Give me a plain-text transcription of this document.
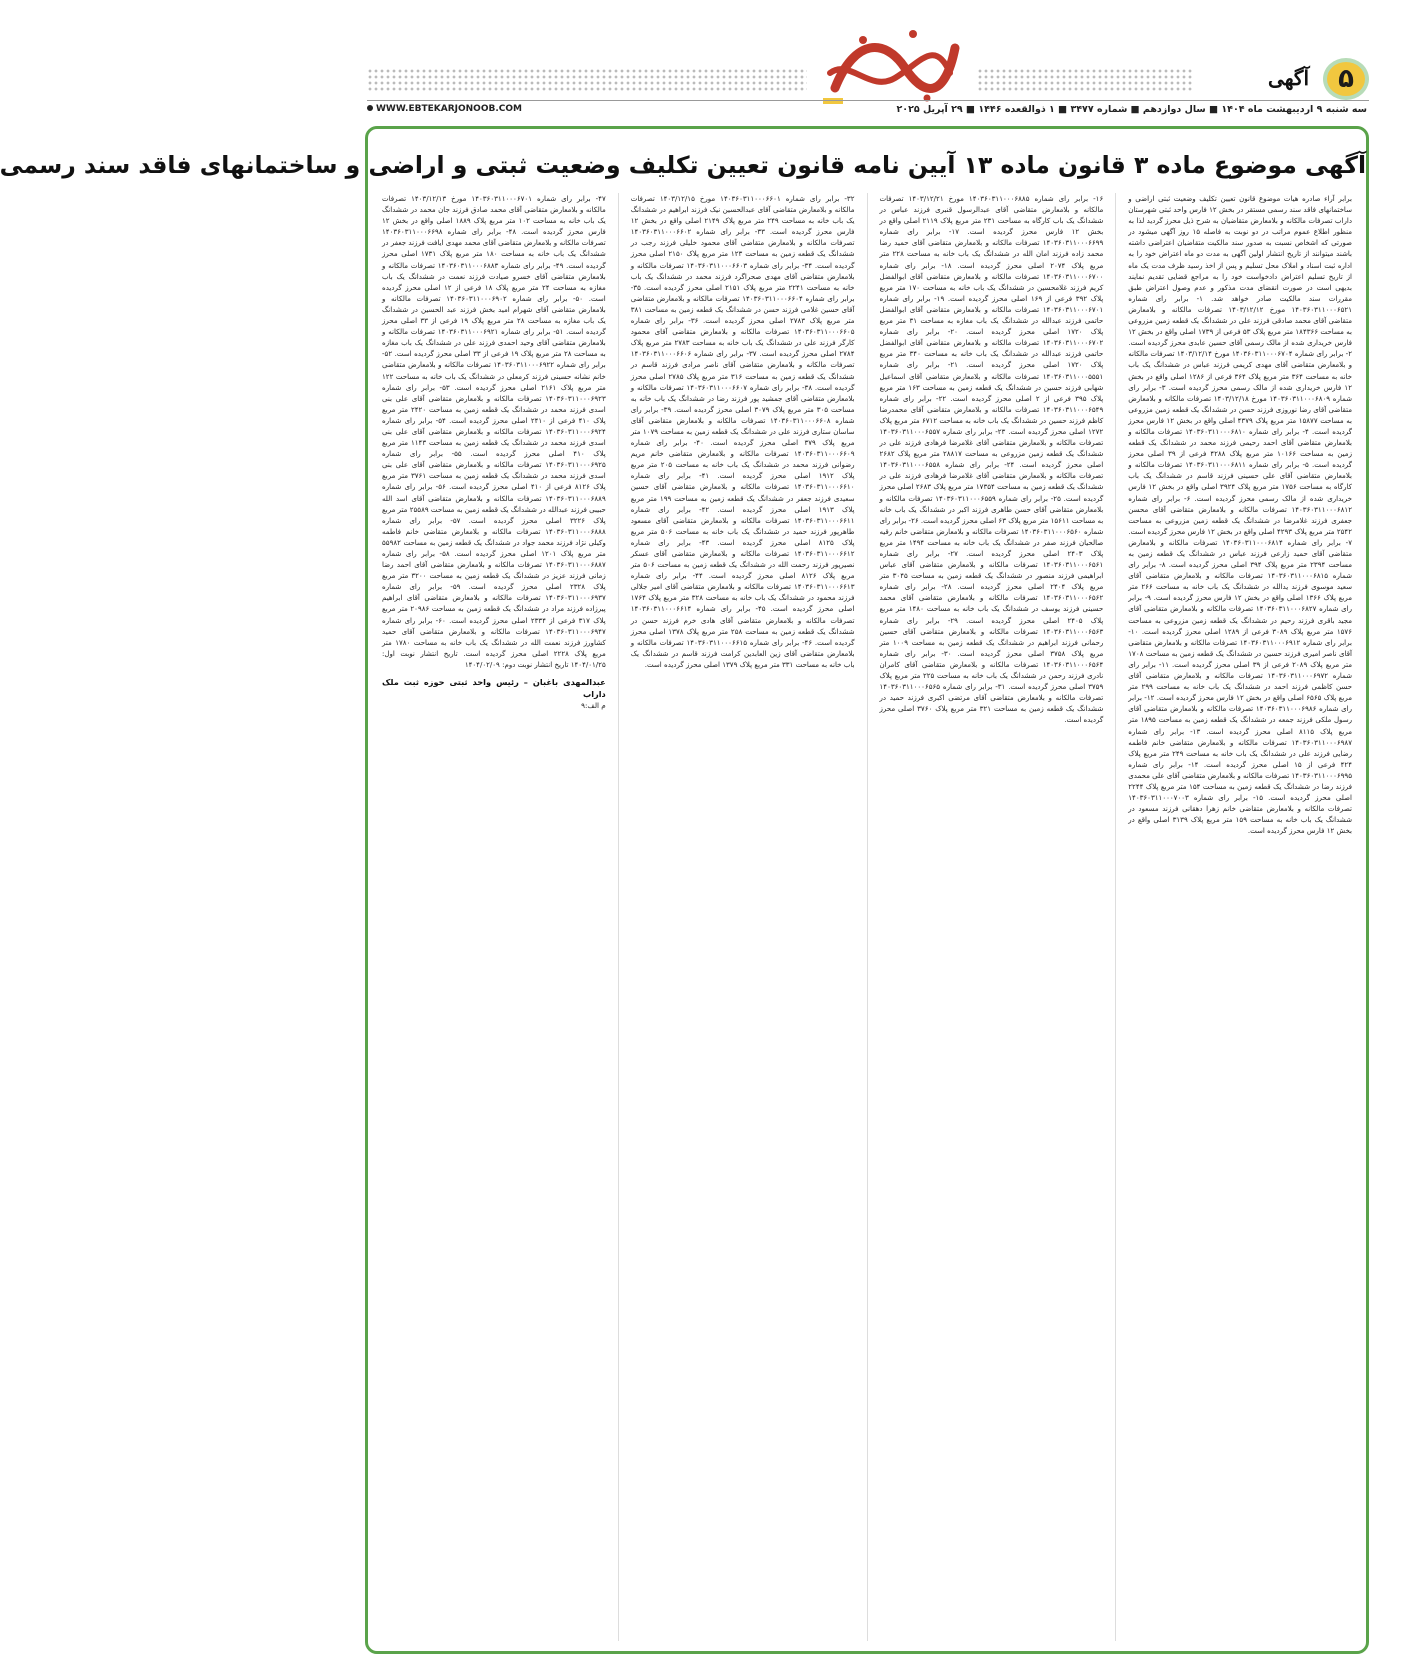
۵
آگهی
ابتکار جنوب سه شنبه ۹ اردیبهشت ماه ۱۴۰۴ ■ سال دوازدهم ■ شماره ۳۴۷۷ ■ ۱ ذوالقعده ۱۴۴۶ ■ ۲۹ آپریل ۲۰۲۵
WWW.EBTEKARJONOOB.COM
آگهی موضوع ماده ۳ قانون ماده ۱۳ آیین نامه قانون تعیین تکلیف وضعیت ثبتی و اراضی و ساختمانهای فاقد سند رسمی

برابر آراء صادره هیات موضوع قانون تعیین تکلیف وضعیت ثبتی اراضی و ساختمانهای فاقد سند رسمی مستقر در بخش ۱۲ فارس واحد ثبتی شهرستان داراب تصرفات مالکانه و بلامعارض متقاضیان به شرح ذیل محرز گردید لذا به منظور اطلاع عموم مراتب در دو نوبت به فاصله ۱۵ روز آگهی میشود در صورتی که اشخاص نسبت به صدور سند مالکیت متقاضیان اعتراضی داشته باشند میتوانند از تاریخ انتشار اولین آگهی به مدت دو ماه اعتراض خود را به اداره ثبت اسناد و املاک محل تسلیم و پس از اخذ رسید ظرف مدت یک ماه از تاریخ تسلیم اعتراض دادخواست خود را به مراجع قضایی تقدیم نمایند بدیهی است در صورت انقضای مدت مذکور و عدم وصول اعتراض طبق مقررات سند مالکیت صادر خواهد شد. ۱- برابر رای شماره ۱۴۰۳۶۰۳۱۱۰۰۰۶۵۲۱ مورخ ۱۴۰۳/۱۲/۱۲ تصرفات مالکانه و بلامعارض متقاضی آقای محمد صادقی فرزند علی در ششدانگ یک قطعه زمین مزروعی به مساحت ۱۸۴۳۶۶ متر مربع پلاک ۵۳ فرعی از ۱۷۳۹ اصلی واقع در بخش ۱۲ فارس خریداری شده از مالک رسمی آقای حسین عابدی محرز گردیده است. ۲- برابر رای شماره ۱۴۰۳۶۰۳۱۱۰۰۰۶۷۰۴ مورخ ۱۴۰۳/۱۲/۱۴ تصرفات مالکانه و بلامعارض متقاضی آقای مهدی کریمی فرزند عباس در ششدانگ یک باب خانه به مساحت ۳۶۴ متر مربع پلاک ۳۶۴ فرعی از ۱۲۸۶ اصلی واقع در بخش ۱۲ فارس خریداری شده از مالک رسمی محرز گردیده است. ۳- برابر رای شماره ۱۴۰۳۶۰۳۱۱۰۰۰۶۸۰۹ مورخ ۱۴۰۳/۱۲/۱۸ تصرفات مالکانه و بلامعارض متقاضی آقای رضا نوروزی فرزند حسن در ششدانگ یک قطعه زمین مزروعی به مساحت ۱۵۸۷۷ متر مربع پلاک ۴۳۷۹ اصلی واقع در بخش ۱۲ فارس محرز گردیده است. ۴- برابر رای شماره ۱۴۰۳۶۰۳۱۱۰۰۰۶۸۱۰ تصرفات مالکانه و بلامعارض متقاضی آقای احمد رحیمی فرزند محمد در ششدانگ یک قطعه زمین به مساحت ۱۰۱۶۶ متر مربع پلاک ۴۲۸۸ فرعی از ۳۹ اصلی محرز گردیده است. ۵- برابر رای شماره ۱۴۰۳۶۰۳۱۱۰۰۰۶۸۱۱ تصرفات مالکانه و بلامعارض متقاضی آقای علی حسینی فرزند قاسم در ششدانگ یک باب کارگاه به مساحت ۱۷۵۶ متر مربع پلاک ۳۹۲۴ اصلی واقع در بخش ۱۲ فارس خریداری شده از مالک رسمی محرز گردیده است. ۶- برابر رای شماره ۱۴۰۳۶۰۳۱۱۰۰۰۶۸۱۲ تصرفات مالکانه و بلامعارض متقاضی آقای محسن جعفری فرزند غلامرضا در ششدانگ یک قطعه زمین مزروعی به مساحت ۲۵۴۲ متر مربع پلاک ۴۲۹۳ اصلی واقع در بخش ۱۲ فارس محرز گردیده است. ۷- برابر رای شماره ۱۴۰۳۶۰۳۱۱۰۰۰۶۸۱۴ تصرفات مالکانه و بلامعارض متقاضی آقای حمید زارعی فرزند عباس در ششدانگ یک قطعه زمین به مساحت ۲۳۹۴ متر مربع پلاک ۳۹۴ اصلی محرز گردیده است. ۸- برابر رای شماره ۱۴۰۳۶۰۳۱۱۰۰۰۶۸۱۵ تصرفات مالکانه و بلامعارض متقاضی آقای سعید موسوی فرزند یدالله در ششدانگ یک باب خانه به مساحت ۲۶۶ متر مربع پلاک ۱۳۶۶ اصلی واقع در بخش ۱۲ فارس محرز گردیده است. ۹- برابر رای شماره ۱۴۰۳۶۰۳۱۱۰۰۰۶۸۲۷ تصرفات مالکانه و بلامعارض متقاضی آقای مجید باقری فرزند رحیم در ششدانگ یک قطعه زمین مزروعی به مساحت ۱۵۷۶ متر مربع پلاک ۳۰۸۹ فرعی از ۱۲۸۹ اصلی محرز گردیده است. ۱۰- برابر رای شماره ۱۴۰۳۶۰۳۱۱۰۰۰۶۹۱۲ تصرفات مالکانه و بلامعارض متقاضی آقای ناصر امیری فرزند حسین در ششدانگ یک قطعه زمین به مساحت ۱۷۰۸ متر مربع پلاک ۲۰۸۹ فرعی از ۳۹ اصلی محرز گردیده است. ۱۱- برابر رای شماره ۱۴۰۳۶۰۳۱۱۰۰۰۶۹۷۲ تصرفات مالکانه و بلامعارض متقاضی آقای حسن کاظمی فرزند احمد در ششدانگ یک باب خانه به مساحت ۲۹۹ متر مربع پلاک ۶۵۶۵ اصلی واقع در بخش ۱۲ فارس محرز گردیده است. ۱۲- برابر رای شماره ۱۴۰۳۶۰۳۱۱۰۰۰۶۹۸۶ تصرفات مالکانه و بلامعارض متقاضی آقای رسول ملکی فرزند جمعه در ششدانگ یک قطعه زمین به مساحت ۱۸۹۵ متر مربع پلاک ۸۱۱۵ اصلی محرز گردیده است. ۱۳- برابر رای شماره ۱۴۰۳۶۰۳۱۱۰۰۰۶۹۸۷ تصرفات مالکانه و بلامعارض متقاضی خانم فاطمه رضایی فرزند علی در ششدانگ یک باب خانه به مساحت ۲۴۹ متر مربع پلاک ۴۲۴ فرعی از ۱۵ اصلی محرز گردیده است. ۱۴- برابر رای شماره ۱۴۰۳۶۰۳۱۱۰۰۰۶۹۹۵ تصرفات مالکانه و بلامعارض متقاضی آقای علی محمدی فرزند رضا در ششدانگ یک قطعه زمین به مساحت ۱۵۴ متر مربع پلاک ۲۲۴۴ اصلی محرز گردیده است. ۱۵- برابر رای شماره ۱۴۰۳۶۰۳۱۱۰۰۰۷۰۰۳ تصرفات مالکانه و بلامعارض متقاضی خانم زهرا دهقانی فرزند مسعود در ششدانگ یک باب خانه به مساحت ۱۵۹ متر مربع پلاک ۳۱۳۹ اصلی واقع در بخش ۱۲ فارس محرز گردیده است.

۱۶- برابر رای شماره ۱۴۰۳۶۰۳۱۱۰۰۰۶۸۸۵ مورخ ۱۴۰۳/۱۲/۲۱ تصرفات مالکانه و بلامعارض متقاضی آقای عبدالرسول قنبری فرزند عباس در ششدانگ یک باب کارگاه به مساحت ۲۳۱ متر مربع پلاک ۲۱۱۹ اصلی واقع در بخش ۱۲ فارس محرز گردیده است. ۱۷- برابر رای شماره ۱۴۰۳۶۰۳۱۱۰۰۰۶۶۹۹ تصرفات مالکانه و بلامعارض متقاضی آقای حمید رضا محمد زاده فرزند امان الله در ششدانگ یک باب خانه به مساحت ۲۲۸ متر مربع پلاک ۲۰۷۴ اصلی محرز گردیده است. ۱۸- برابر رای شماره ۱۴۰۳۶۰۳۱۱۰۰۰۶۷۰۰ تصرفات مالکانه و بلامعارض متقاضی آقای ابوالفضل کریم فرزند غلامحسین در ششدانگ یک باب خانه به مساحت ۱۷۰ متر مربع پلاک ۳۹۲ فرعی از ۱۶۹ اصلی محرز گردیده است. ۱۹- برابر رای شماره ۱۴۰۳۶۰۳۱۱۰۰۰۶۷۰۱ تصرفات مالکانه و بلامعارض متقاضی آقای ابوالفضل حاتمی فرزند عبدالله در ششدانگ یک باب مغازه به مساحت ۳۱ متر مربع پلاک ۱۷۲۰ اصلی محرز گردیده است. ۲۰- برابر رای شماره ۱۴۰۳۶۰۳۱۱۰۰۰۶۷۰۲ تصرفات مالکانه و بلامعارض متقاضی آقای ابوالفضل حاتمی فرزند عبدالله در ششدانگ یک باب خانه به مساحت ۳۴۰ متر مربع پلاک ۱۷۲۰ اصلی محرز گردیده است. ۲۱- برابر رای شماره ۱۴۰۳۶۰۳۱۱۰۰۰۵۵۵۱ تصرفات مالکانه و بلامعارض متقاضی آقای اسماعیل شهابی فرزند حسین در ششدانگ یک قطعه زمین به مساحت ۱۶۳ متر مربع پلاک ۳۹۵ فرعی از ۲ اصلی محرز گردیده است. ۲۲- برابر رای شماره ۱۴۰۳۶۰۳۱۱۰۰۰۶۵۴۹ تصرفات مالکانه و بلامعارض متقاضی آقای محمدرضا کاظم فرزند حسین در ششدانگ یک باب خانه به مساحت ۶۷۱۲ متر مربع پلاک ۱۲۷۲ اصلی محرز گردیده است. ۲۳- برابر رای شماره ۱۴۰۳۶۰۳۱۱۰۰۰۶۵۵۷ تصرفات مالکانه و بلامعارض متقاضی آقای غلامرضا فرهادی فرزند علی در ششدانگ یک قطعه زمین مزروعی به مساحت ۲۸۸۱۷ متر مربع پلاک ۲۶۸۲ اصلی محرز گردیده است. ۲۴- برابر رای شماره ۱۴۰۳۶۰۳۱۱۰۰۰۶۵۵۸ تصرفات مالکانه و بلامعارض متقاضی آقای غلامرضا فرهادی فرزند علی در ششدانگ یک قطعه زمین به مساحت ۱۷۳۵۴ متر مربع پلاک ۲۶۸۳ اصلی محرز گردیده است. ۲۵- برابر رای شماره ۱۴۰۳۶۰۳۱۱۰۰۰۶۵۵۹ تصرفات مالکانه و بلامعارض متقاضی آقای حسن طاهری فرزند اکبر در ششدانگ یک باب خانه به مساحت ۱۵۶۱۱ متر مربع پلاک ۶۳ اصلی محرز گردیده است. ۲۶- برابر رای شماره ۱۴۰۳۶۰۳۱۱۰۰۰۶۵۶۰ تصرفات مالکانه و بلامعارض متقاضی خانم رقیه صالحیان فرزند صفر در ششدانگ یک باب خانه به مساحت ۱۴۹۴ متر مربع پلاک ۲۴۰۳ اصلی محرز گردیده است. ۲۷- برابر رای شماره ۱۴۰۳۶۰۳۱۱۰۰۰۶۵۶۱ تصرفات مالکانه و بلامعارض متقاضی آقای عباس ابراهیمی فرزند منصور در ششدانگ یک قطعه زمین به مساحت ۳۰۴۵ متر مربع پلاک ۲۴۰۴ اصلی محرز گردیده است. ۲۸- برابر رای شماره ۱۴۰۳۶۰۳۱۱۰۰۰۶۵۶۲ تصرفات مالکانه و بلامعارض متقاضی آقای محمد حسینی فرزند یوسف در ششدانگ یک باب خانه به مساحت ۱۴۸۰ متر مربع پلاک ۲۴۰۵ اصلی محرز گردیده است. ۲۹- برابر رای شماره ۱۴۰۳۶۰۳۱۱۰۰۰۶۵۶۳ تصرفات مالکانه و بلامعارض متقاضی آقای حسین رحمانی فرزند ابراهیم در ششدانگ یک قطعه زمین به مساحت ۱۰۰۹ متر مربع پلاک ۳۷۵۸ اصلی محرز گردیده است. ۳۰- برابر رای شماره ۱۴۰۳۶۰۳۱۱۰۰۰۶۵۶۴ تصرفات مالکانه و بلامعارض متقاضی آقای کامران نادری فرزند رحمن در ششدانگ یک باب خانه به مساحت ۲۲۵ متر مربع پلاک ۳۷۵۹ اصلی محرز گردیده است. ۳۱- برابر رای شماره ۱۴۰۳۶۰۳۱۱۰۰۰۶۵۶۵ تصرفات مالکانه و بلامعارض متقاضی آقای مرتضی اکبری فرزند حمید در ششدانگ یک قطعه زمین به مساحت ۳۲۱ متر مربع پلاک ۳۷۶۰ اصلی محرز گردیده است.

۳۲- برابر رای شماره ۱۴۰۳۶۰۳۱۱۰۰۰۶۶۰۱ مورخ ۱۴۰۳/۱۲/۱۵ تصرفات مالکانه و بلامعارض متقاضی آقای عبدالحسین نیک فرزند ابراهیم در ششدانگ یک باب خانه به مساحت ۲۴۹ متر مربع پلاک ۲۱۴۹ اصلی واقع در بخش ۱۲ فارس محرز گردیده است. ۳۳- برابر رای شماره ۱۴۰۳۶۰۳۱۱۰۰۰۶۶۰۲ تصرفات مالکانه و بلامعارض متقاضی آقای محمود خلیلی فرزند رجب در ششدانگ یک قطعه زمین به مساحت ۱۲۳ متر مربع پلاک ۲۱۵۰ اصلی محرز گردیده است. ۳۴- برابر رای شماره ۱۴۰۳۶۰۳۱۱۰۰۰۶۶۰۳ تصرفات مالکانه و بلامعارض متقاضی آقای مهدی صحراگرد فرزند محمد در ششدانگ یک باب خانه به مساحت ۲۲۴۱ متر مربع پلاک ۲۱۵۱ اصلی محرز گردیده است. ۳۵- برابر رای شماره ۱۴۰۳۶۰۳۱۱۰۰۰۶۶۰۴ تصرفات مالکانه و بلامعارض متقاضی آقای حسین غلامی فرزند حسن در ششدانگ یک قطعه زمین به مساحت ۳۸۱ متر مربع پلاک ۲۷۸۳ اصلی محرز گردیده است. ۳۶- برابر رای شماره ۱۴۰۳۶۰۳۱۱۰۰۰۶۶۰۵ تصرفات مالکانه و بلامعارض متقاضی آقای محمود کارگر فرزند علی در ششدانگ یک باب خانه به مساحت ۲۷۸۳ متر مربع پلاک ۲۷۸۴ اصلی محرز گردیده است. ۳۷- برابر رای شماره ۱۴۰۳۶۰۳۱۱۰۰۰۶۶۰۶ تصرفات مالکانه و بلامعارض متقاضی آقای ناصر مرادی فرزند قاسم در ششدانگ یک قطعه زمین به مساحت ۳۱۶ متر مربع پلاک ۲۷۸۵ اصلی محرز گردیده است. ۳۸- برابر رای شماره ۱۴۰۳۶۰۳۱۱۰۰۰۶۶۰۷ تصرفات مالکانه و بلامعارض متقاضی آقای جمشید پور فرزند رضا در ششدانگ یک باب خانه به مساحت ۳۰۵ متر مربع پلاک ۳۰۷۹ اصلی محرز گردیده است. ۳۹- برابر رای شماره ۱۴۰۳۶۰۳۱۱۰۰۰۶۶۰۸ تصرفات مالکانه و بلامعارض متقاضی آقای ساسان ستاری فرزند علی در ششدانگ یک قطعه زمین به مساحت ۱۰۷۹ متر مربع پلاک ۳۷۹ اصلی محرز گردیده است. ۴۰- برابر رای شماره ۱۴۰۳۶۰۳۱۱۰۰۰۶۶۰۹ تصرفات مالکانه و بلامعارض متقاضی خانم مریم رضوانی فرزند محمد در ششدانگ یک باب خانه به مساحت ۲۰۵ متر مربع پلاک ۱۹۱۲ اصلی محرز گردیده است. ۴۱- برابر رای شماره ۱۴۰۳۶۰۳۱۱۰۰۰۶۶۱۰ تصرفات مالکانه و بلامعارض متقاضی آقای حسین سعیدی فرزند جعفر در ششدانگ یک قطعه زمین به مساحت ۱۹۹ متر مربع پلاک ۱۹۱۳ اصلی محرز گردیده است. ۴۲- برابر رای شماره ۱۴۰۳۶۰۳۱۱۰۰۰۶۶۱۱ تصرفات مالکانه و بلامعارض متقاضی آقای مسعود طاهرپور فرزند حمید در ششدانگ یک باب خانه به مساحت ۵۰۶ متر مربع پلاک ۸۱۲۵ اصلی محرز گردیده است. ۴۳- برابر رای شماره ۱۴۰۳۶۰۳۱۱۰۰۰۶۶۱۲ تصرفات مالکانه و بلامعارض متقاضی آقای عسکر نصیرپور فرزند رحمت الله در ششدانگ یک قطعه زمین به مساحت ۵۰۶ متر مربع پلاک ۸۱۲۶ اصلی محرز گردیده است. ۴۴- برابر رای شماره ۱۴۰۳۶۰۳۱۱۰۰۰۶۶۱۳ تصرفات مالکانه و بلامعارض متقاضی آقای امیر جلالی فرزند محمود در ششدانگ یک باب خانه به مساحت ۳۲۸ متر مربع پلاک ۱۷۶۴ اصلی محرز گردیده است. ۴۵- برابر رای شماره ۱۴۰۳۶۰۳۱۱۰۰۰۶۶۱۴ تصرفات مالکانه و بلامعارض متقاضی آقای هادی خرم فرزند حسن در ششدانگ یک قطعه زمین به مساحت ۲۵۸ متر مربع پلاک ۱۳۷۸ اصلی محرز گردیده است. ۴۶- برابر رای شماره ۱۴۰۳۶۰۳۱۱۰۰۰۶۶۱۵ تصرفات مالکانه و بلامعارض متقاضی آقای زین العابدین کرامت فرزند قاسم در ششدانگ یک باب خانه به مساحت ۳۳۱ متر مربع پلاک ۱۳۷۹ اصلی محرز گردیده است.

۴۷- برابر رای شماره ۱۴۰۳۶۰۳۱۱۰۰۰۶۷۰۱ مورخ ۱۴۰۳/۱۲/۱۳ تصرفات مالکانه و بلامعارض متقاضی آقای محمد صادق فرزند جان محمد در ششدانگ یک باب خانه به مساحت ۱۰۲ متر مربع پلاک ۱۸۸۹ اصلی واقع در بخش ۱۲ فارس محرز گردیده است. ۴۸- برابر رای شماره ۱۴۰۳۶۰۳۱۱۰۰۰۶۶۹۸ تصرفات مالکانه و بلامعارض متقاضی آقای محمد مهدی ایافت فرزند جعفر در ششدانگ یک باب خانه به مساحت ۱۸۰ متر مربع پلاک ۱۷۳۱ اصلی محرز گردیده است. ۴۹- برابر رای شماره ۱۴۰۳۶۰۳۱۱۰۰۰۶۸۸۳ تصرفات مالکانه و بلامعارض متقاضی آقای خسرو صیادت فرزند نعمت در ششدانگ یک باب مغازه به مساحت ۲۴ متر مربع پلاک ۱۸ فرعی از ۱۲ اصلی محرز گردیده است. ۵۰- برابر رای شماره ۱۴۰۳۶۰۳۱۱۰۰۰۶۹۰۲ تصرفات مالکانه و بلامعارض متقاضی آقای شهرام امید بخش فرزند عبد الحسین در ششدانگ یک باب مغازه به مساحت ۲۸ متر مربع پلاک ۱۹ فرعی از ۳۳ اصلی محرز گردیده است. ۵۱- برابر رای شماره ۱۴۰۳۶۰۳۱۱۰۰۰۶۹۲۱ تصرفات مالکانه و بلامعارض متقاضی آقای وحید احمدی فرزند علی در ششدانگ یک باب مغازه به مساحت ۲۸ متر مربع پلاک ۱۹ فرعی از ۳۳ اصلی محرز گردیده است. ۵۲- برابر رای شماره ۱۴۰۳۶۰۳۱۱۰۰۰۶۹۲۲ تصرفات مالکانه و بلامعارض متقاضی خانم نشانه حسینی فرزند کرمعلی در ششدانگ یک باب خانه به مساحت ۱۲۲ متر مربع پلاک ۲۱۶۱ اصلی محرز گردیده است. ۵۳- برابر رای شماره ۱۴۰۳۶۰۳۱۱۰۰۰۶۹۲۳ تصرفات مالکانه و بلامعارض متقاضی آقای علی بنی اسدی فرزند محمد در ششدانگ یک قطعه زمین به مساحت ۲۴۲۰ متر مربع پلاک ۴۱۰ فرعی از ۲۴۱۰ اصلی محرز گردیده است. ۵۴- برابر رای شماره ۱۴۰۳۶۰۳۱۱۰۰۰۶۹۲۴ تصرفات مالکانه و بلامعارض متقاضی آقای علی بنی اسدی فرزند محمد در ششدانگ یک قطعه زمین به مساحت ۱۱۴۳ متر مربع پلاک ۴۱۰ اصلی محرز گردیده است. ۵۵- برابر رای شماره ۱۴۰۳۶۰۳۱۱۰۰۰۶۹۲۵ تصرفات مالکانه و بلامعارض متقاضی آقای علی بنی اسدی فرزند محمد در ششدانگ یک قطعه زمین به مساحت ۳۷۶۱ متر مربع پلاک ۸۱۲۶ فرعی از ۴۱۰ اصلی محرز گردیده است. ۵۶- برابر رای شماره ۱۴۰۳۶۰۳۱۱۰۰۰۶۸۸۹ تصرفات مالکانه و بلامعارض متقاضی آقای اسد الله حبیبی فرزند عبدالله در ششدانگ یک قطعه زمین به مساحت ۲۵۵۸۹ متر مربع پلاک ۳۲۲۶ اصلی محرز گردیده است. ۵۷- برابر رای شماره ۱۴۰۳۶۰۳۱۱۰۰۰۶۸۸۸ تصرفات مالکانه و بلامعارض متقاضی خانم فاطمه وکیلی نژاد فرزند محمد جواد در ششدانگ یک قطعه زمین به مساحت ۵۵۹۸۲ متر مربع پلاک ۱۲۰۱ اصلی محرز گردیده است. ۵۸- برابر رای شماره ۱۴۰۳۶۰۳۱۱۰۰۰۶۸۸۷ تصرفات مالکانه و بلامعارض متقاضی آقای احمد رضا زمانی فرزند عزیز در ششدانگ یک قطعه زمین به مساحت ۳۲۰۰ متر مربع پلاک ۲۳۲۸ اصلی محرز گردیده است. ۵۹- برابر رای شماره ۱۴۰۳۶۰۳۱۱۰۰۰۶۹۳۷ تصرفات مالکانه و بلامعارض متقاضی آقای ابراهیم پیرزاده فرزند مراد در ششدانگ یک قطعه زمین به مساحت ۲۰۹۸۶ متر مربع پلاک ۳۱۷ فرعی از ۲۳۳۴ اصلی محرز گردیده است. ۶۰- برابر رای شماره ۱۴۰۳۶۰۳۱۱۰۰۰۶۹۴۷ تصرفات مالکانه و بلامعارض متقاضی آقای حمید کشاورز فرزند نعمت الله در ششدانگ یک باب خانه به مساحت ۱۷۸۰ متر مربع پلاک ۲۲۲۸ اصلی محرز گردیده است. تاریخ انتشار نوبت اول: ۱۴۰۴/۰۱/۲۵ تاریخ انتشار نوبت دوم: ۱۴۰۴/۰۲/۰۹

عبدالمهدی باغبان – رئیس واحد ثبتی حوزه ثبت ملک داراب
م الف:۹
